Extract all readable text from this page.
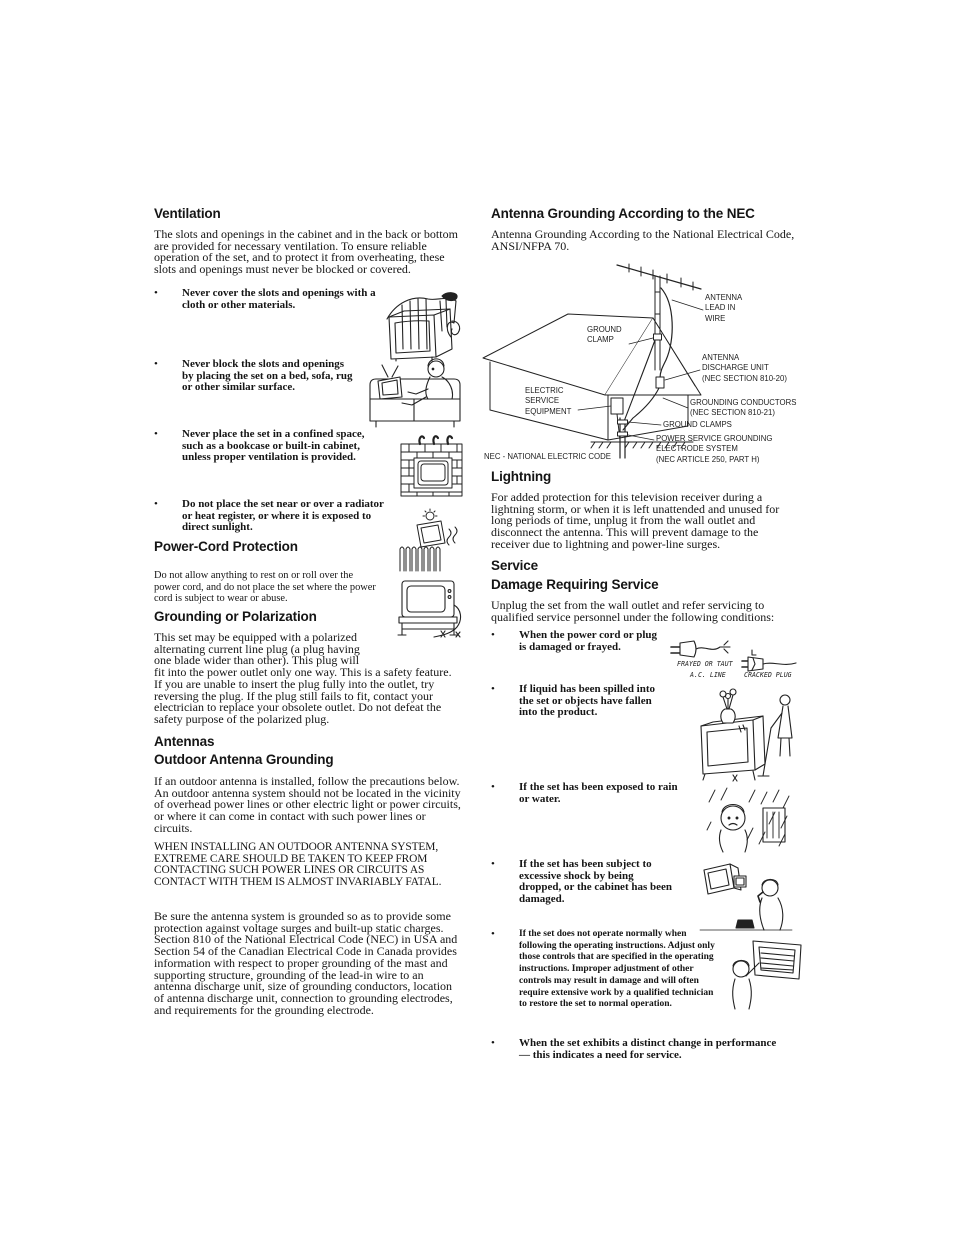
Ventilation
The slots and openings in the cabinet and in the back or bottom are provided for necessary ventilation. To ensure reliable operation of the set, and to protect it from overheating, these slots and openings must never be blocked or covered.
•	Never cover the slots and openings with a cloth or other materials.
•	Never block the slots and openings by placing the set on a bed, sofa, rug or other similar surface.
•	Never place the set in a confined space, such as a bookcase or built-in cabinet, unless proper ventilation is provided.
•	Do not place the set near or over a radiator or heat register, or where it is exposed to direct sunlight.
Power-Cord Protection
Do not allow anything to rest on or roll over the power cord, and do not place the set where the power cord is subject to wear or abuse.
Grounding or Polarization
This set may be equipped with a polarized alternating current line plug (a plug having one blade wider than other). This plug will fit into the power outlet only one way. This is a safety feature. If you are unable to insert the plug fully into the outlet, try reversing the plug. If the plug still fails to fit, contact your electrician to replace your obsolete outlet. Do not defeat the safety purpose of the polarized plug.
Antennas
Outdoor Antenna Grounding
If an outdoor antenna is installed, follow the precautions below. An outdoor antenna system should not be located in the vicinity of overhead power lines or other electric light or power circuits, or where it can come in contact with such power lines or circuits.
WHEN INSTALLING AN OUTDOOR ANTENNA SYSTEM, EXTREME CARE SHOULD BE TAKEN TO KEEP FROM CONTACTING SUCH POWER LINES OR CIRCUITS AS CONTACT WITH THEM IS ALMOST INVARIABLY FATAL.
Be sure the antenna system is grounded so as to provide some protection against voltage surges and built-up static charges. Section 810 of the National Electrical Code (NEC) in USA and Section 54 of the Canadian Electrical Code in Canada provides information with respect to proper grounding of the mast and supporting structure, grounding of the lead-in wire to an antenna discharge unit, size of grounding conductors, location of antenna discharge unit, connection to grounding electrodes, and requirements for the grounding electrode.
Antenna Grounding According to the NEC
Antenna Grounding According to the National Electrical Code, ANSI/NFPA 70.
ANTENNA
LEAD IN
WIRE
GROUND
CLAMP
ANTENNA
DISCHARGE UNIT
(NEC SECTION 810-20)
ELECTRIC
SERVICE
EQUIPMENT
GROUNDING CONDUCTORS
(NEC SECTION 810-21)
GROUND CLAMPS
POWER SERVICE GROUNDING
ELECTRODE SYSTEM
(NEC ARTICLE 250, PART H)
NEC - NATIONAL ELECTRIC CODE
Lightning
For added protection for this television receiver during a lightning storm, or when it is left unattended and unused for long periods of time, unplug it from the wall outlet and disconnect the antenna. This will prevent damage to the receiver due to lightning and power-line surges.
Service
Damage Requiring Service
Unplug the set from the wall outlet and refer servicing to qualified service personnel under the following conditions:
•	When the power cord or plug is damaged or frayed.
FRAYED OR TAUT
A.C. LINE	CRACKED PLUG
•	If liquid has been spilled into the set or objects have fallen into the product.
•	If the set has been exposed to rain or water.
•	If the set has been subject to excessive shock by being dropped, or the cabinet has been damaged.
•	If the set does not operate normally when following the operating instructions. Adjust only those controls that are specified in the operating instructions. Improper adjustment of other controls may result in damage and will often require extensive work by a qualified technician to restore the set to normal operation.
•	When the set exhibits a distinct change in performance — this indicates a need for service.
